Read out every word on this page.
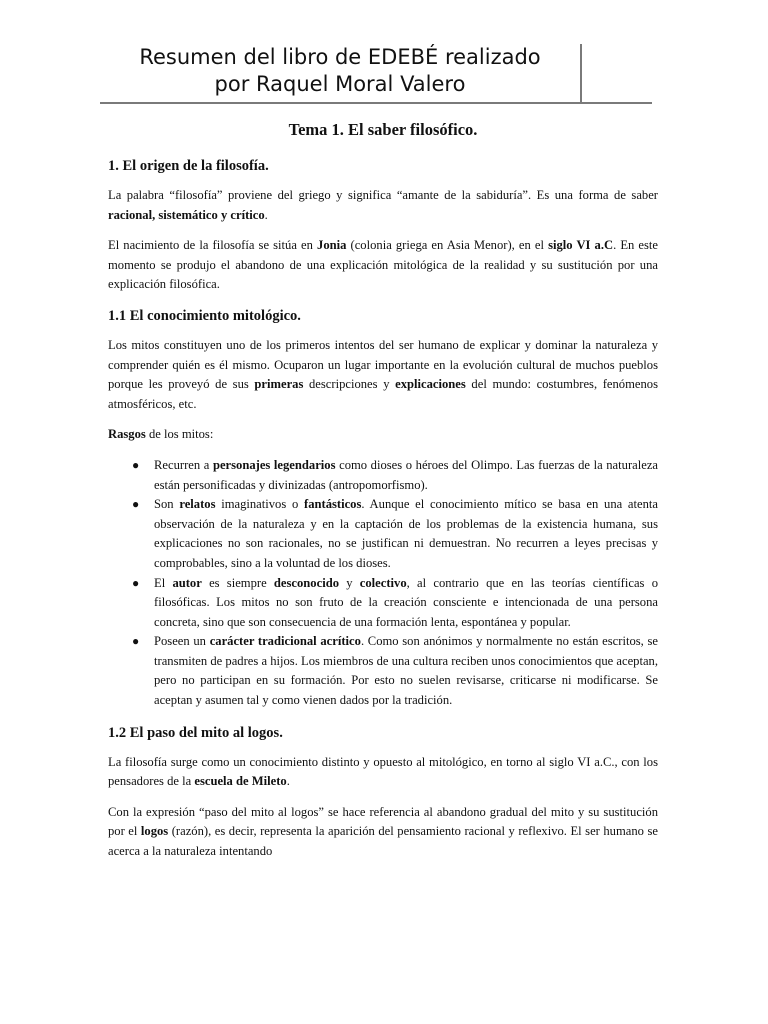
Resumen del libro de EDEBÉ realizado
por Raquel Moral Valero
Tema 1. El saber filosófico.
1. El origen de la filosofía.

La palabra “filosofía” proviene del griego y significa “amante de la sabiduría”. Es una forma de saber racional, sistemático y crítico.

El nacimiento de la filosofía se sitúa en Jonia (colonia griega en Asia Menor), en el siglo VI a.C. En este momento se produjo el abandono de una explicación mitológica de la realidad y su sustitución por una explicación filosófica.

1.1 El conocimiento mitológico.

Los mitos constituyen uno de los primeros intentos del ser humano de explicar y dominar la naturaleza y comprender quién es él mismo. Ocuparon un lugar importante en la evolución cultural de muchos pueblos porque les proveyó de sus primeras descripciones y explicaciones del mundo: costumbres, fenómenos atmosféricos, etc.

Rasgos de los mitos:

● Recurren a personajes legendarios como dioses o héroes del Olimpo. Las fuerzas de la naturaleza están personificadas y divinizadas (antropomorfismo).
● Son relatos imaginativos o fantásticos. Aunque el conocimiento mítico se basa en una atenta observación de la naturaleza y en la captación de los problemas de la existencia humana, sus explicaciones no son racionales, no se justifican ni demuestran. No recurren a leyes precisas y comprobables, sino a la voluntad de los dioses.
● El autor es siempre desconocido y colectivo, al contrario que en las teorías científicas o filosóficas. Los mitos no son fruto de la creación consciente e intencionada de una persona concreta, sino que son consecuencia de una formación lenta, espontánea y popular.
● Poseen un carácter tradicional acrítico. Como son anónimos y normalmente no están escritos, se transmiten de padres a hijos. Los miembros de una cultura reciben unos conocimientos que aceptan, pero no participan en su formación. Por esto no suelen revisarse, criticarse ni modificarse. Se aceptan y asumen tal y como vienen dados por la tradición.
1.2 El paso del mito al logos.

La filosofía surge como un conocimiento distinto y opuesto al mitológico, en torno al siglo VI a.C., con los pensadores de la escuela de Mileto.

Con la expresión “paso del mito al logos” se hace referencia al abandono gradual del mito y su sustitución por el logos (razón), es decir, representa la aparición del pensamiento racional y reflexivo. El ser humano se acerca a la naturaleza intentando
